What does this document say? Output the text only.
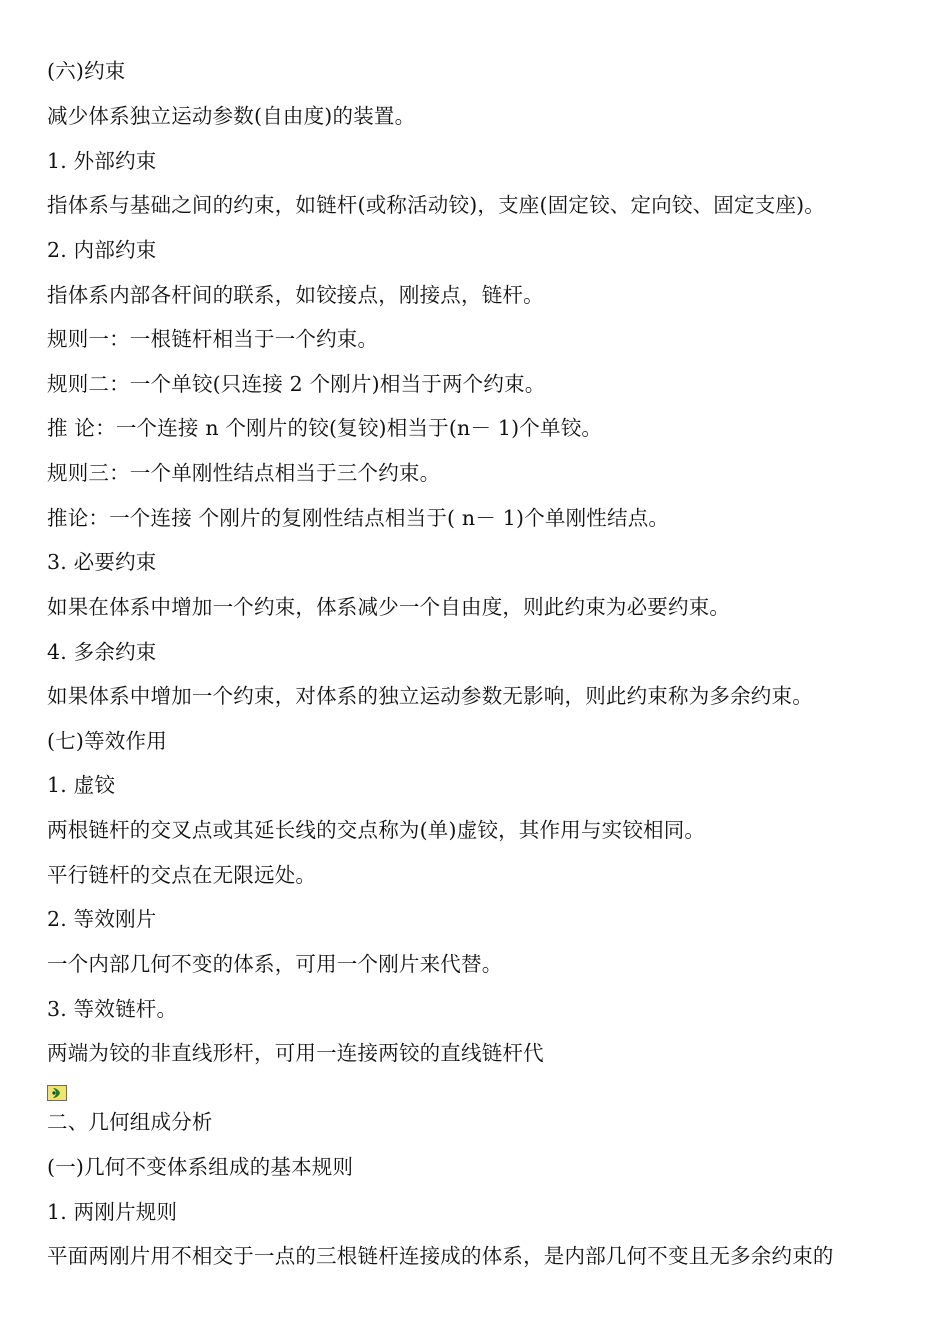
(六)约束
减少体系独立运动参数(自由度)的装置。
1. 外部约束
指体系与基础之间的约束，如链杆(或称活动铰)，支座(固定铰、定向铰、固定支座)。
2. 内部约束
指体系内部各杆间的联系，如铰接点，刚接点，链杆。
规则一：一根链杆相当于一个约束。
规则二：一个单铰(只连接 2 个刚片)相当于两个约束。
推 论：一个连接 n 个刚片的铰(复铰)相当于(n－ 1)个单铰。
规则三：一个单刚性结点相当于三个约束。
推论：一个连接 个刚片的复刚性结点相当于( n－ 1)个单刚性结点。
3. 必要约束
如果在体系中增加一个约束，体系减少一个自由度，则此约束为必要约束。
4. 多余约束
如果体系中增加一个约束，对体系的独立运动参数无影响，则此约束称为多余约束。
(七)等效作用
1. 虚铰
两根链杆的交叉点或其延长线的交点称为(单)虚铰，其作用与实铰相同。
平行链杆的交点在无限远处。
2. 等效刚片
一个内部几何不变的体系，可用一个刚片来代替。
3. 等效链杆。
两端为铰的非直线形杆，可用一连接两铰的直线链杆代
二、几何组成分析
(一)几何不变体系组成的基本规则
1. 两刚片规则
平面两刚片用不相交于一点的三根链杆连接成的体系，是内部几何不变且无多余约束的
